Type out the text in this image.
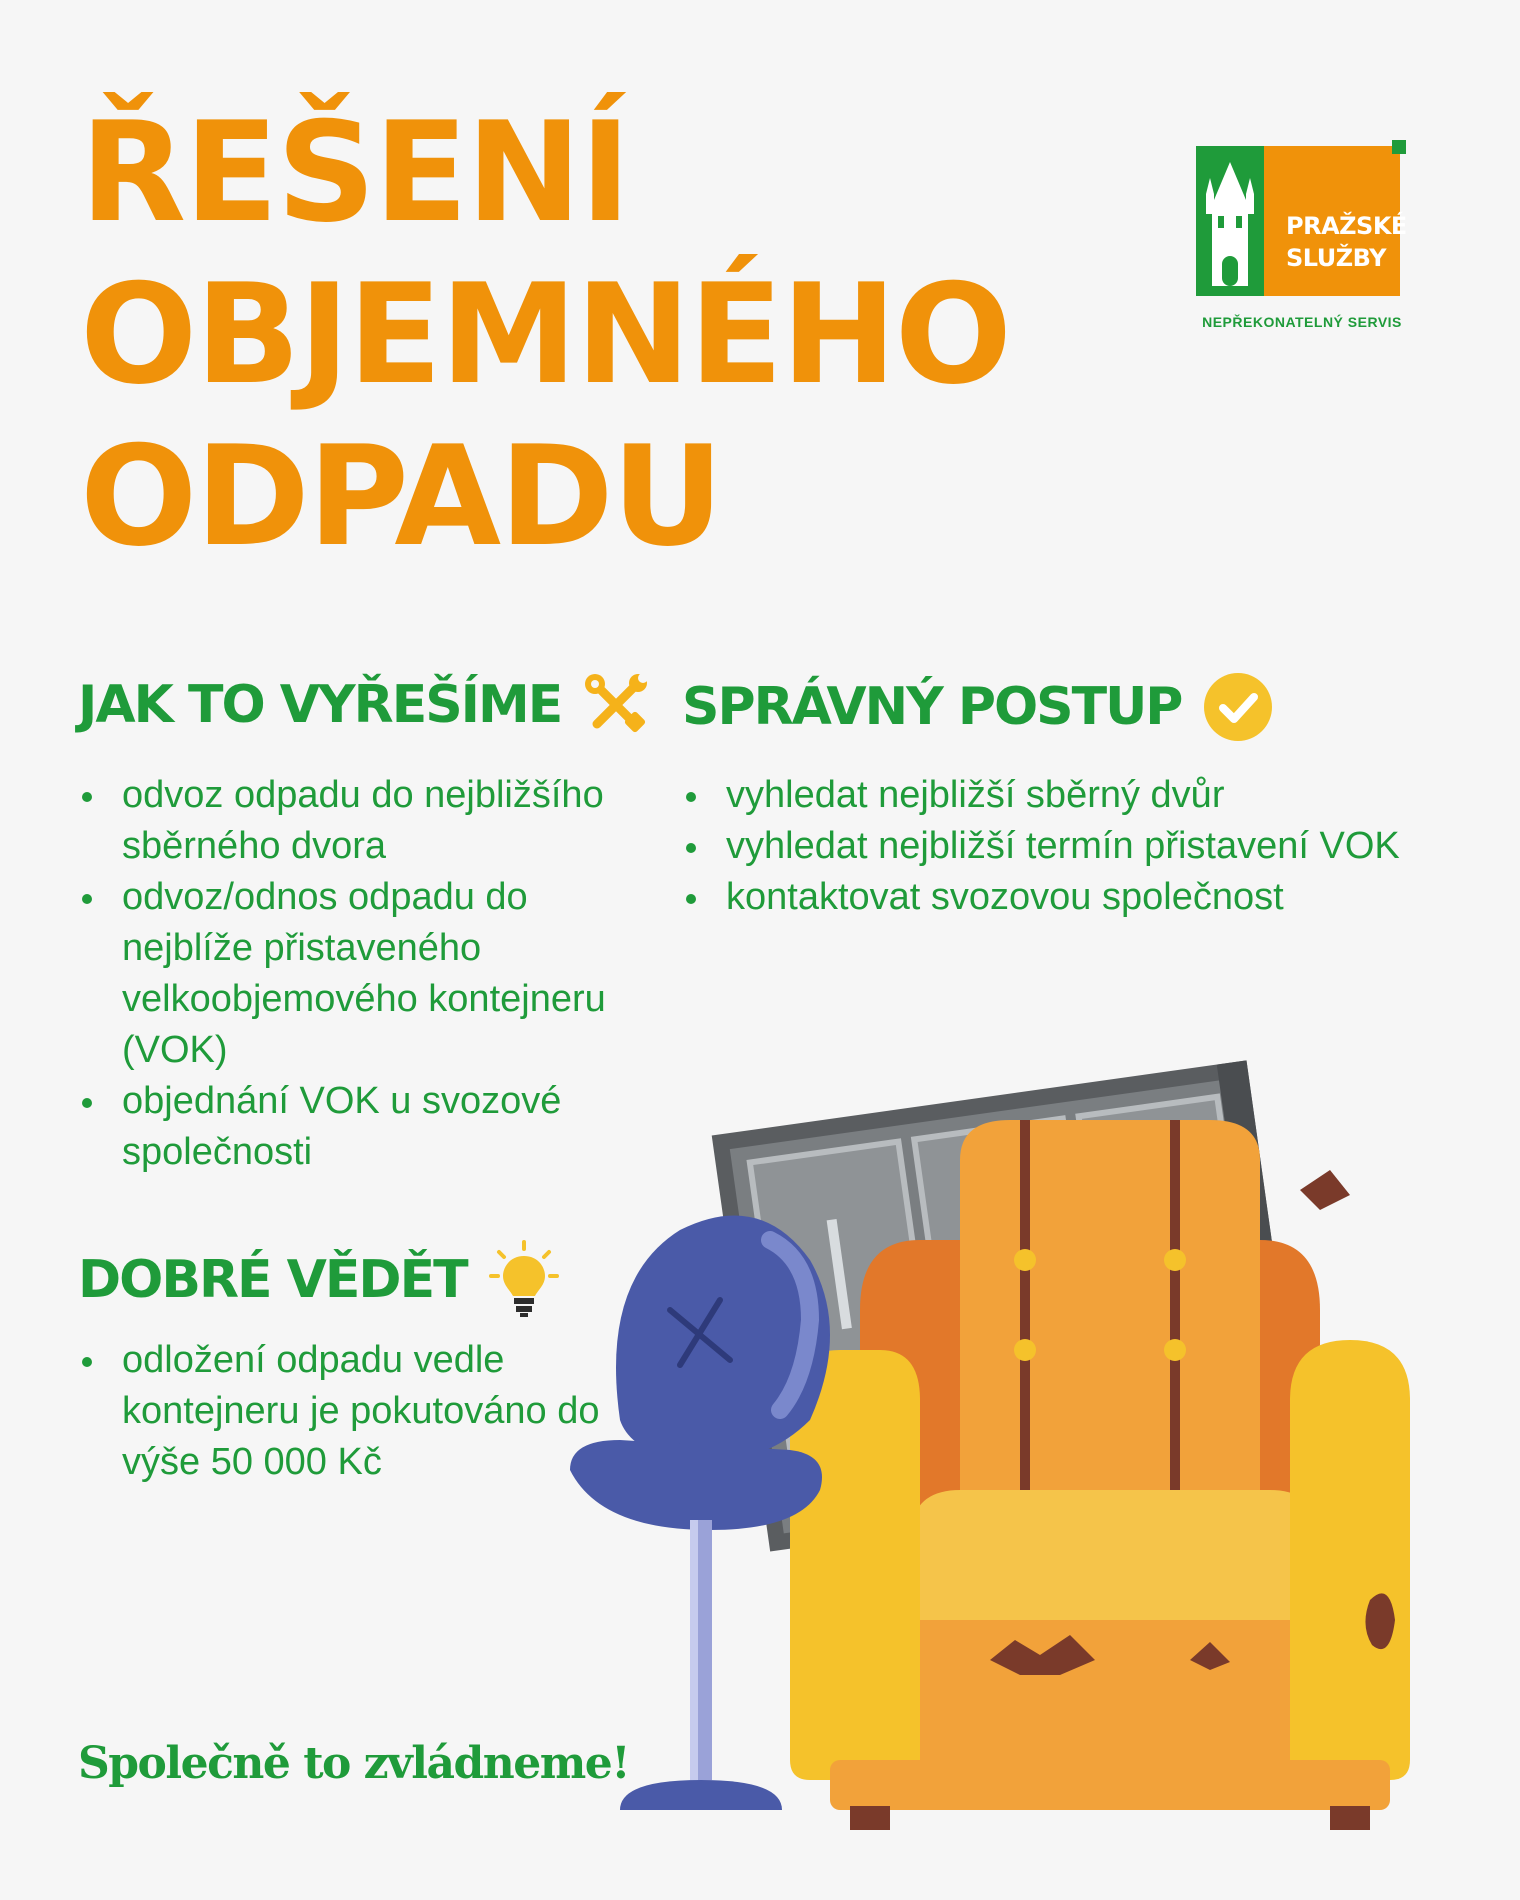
ŘEŠENÍ
OBJEMNÉHO
ODPADU
PRAŽSKÉ
SLUŽBY
NEPŘEKONATELNÝ SERVIS
JAK TO VYŘEŠÍME
odvoz odpadu do nejbližšího sběrného dvora
odvoz/odnos odpadu do nejblíže přistaveného velkoobjemového kontejneru (VOK)
objednání VOK u svozové společnosti
SPRÁVNÝ POSTUP
vyhledat nejbližší sběrný dvůr
vyhledat nejbližší termín přistavení VOK
kontaktovat svozovou společnost
DOBRÉ VĚDĚT
odložení odpadu vedle kontejneru je pokutováno do výše 50 000 Kč

Společně to zvládneme!
